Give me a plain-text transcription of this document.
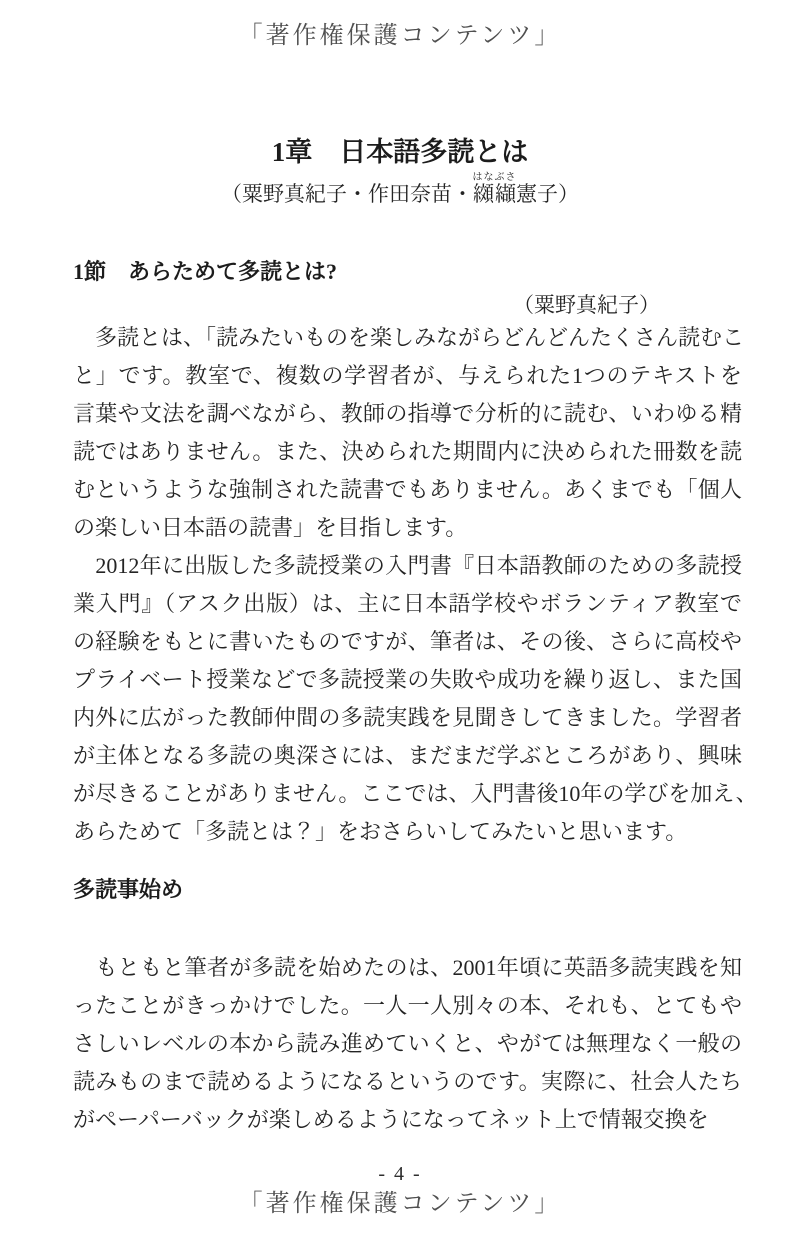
「著作権保護コンテンツ」
1章　日本語多読とは
（粟野真紀子・作田奈苗・纐纈はなぶさ憲子）
1節　あらためて多読とは?
（粟野真紀子）
　多読とは、「読みたいものを楽しみながらどんどんたくさん読むこ
と」です。教室で、複数の学習者が、与えられた1つのテキストを
言葉や文法を調べながら、教師の指導で分析的に読む、いわゆる精
読ではありません。また、決められた期間内に決められた冊数を読
むというような強制された読書でもありません。あくまでも「個人
の楽しい日本語の読書」を目指します。
　2012年に出版した多読授業の入門書『日本語教師のための多読授
業入門』（アスク出版）は、主に日本語学校やボランティア教室で
の経験をもとに書いたものですが、筆者は、その後、さらに高校や
プライベート授業などで多読授業の失敗や成功を繰り返し、また国
内外に広がった教師仲間の多読実践を見聞きしてきました。学習者
が主体となる多読の奥深さには、まだまだ学ぶところがあり、興味
が尽きることがありません。ここでは、入門書後10年の学びを加え、
あらためて「多読とは？」をおさらいしてみたいと思います。
多読事始め
　もともと筆者が多読を始めたのは、2001年頃に英語多読実践を知
ったことがきっかけでした。一人一人別々の本、それも、とてもや
さしいレベルの本から読み進めていくと、やがては無理なく一般の
読みものまで読めるようになるというのです。実際に、社会人たち
がペーパーバックが楽しめるようになってネット上で情報交換を
- 4 -
「著作権保護コンテンツ」
